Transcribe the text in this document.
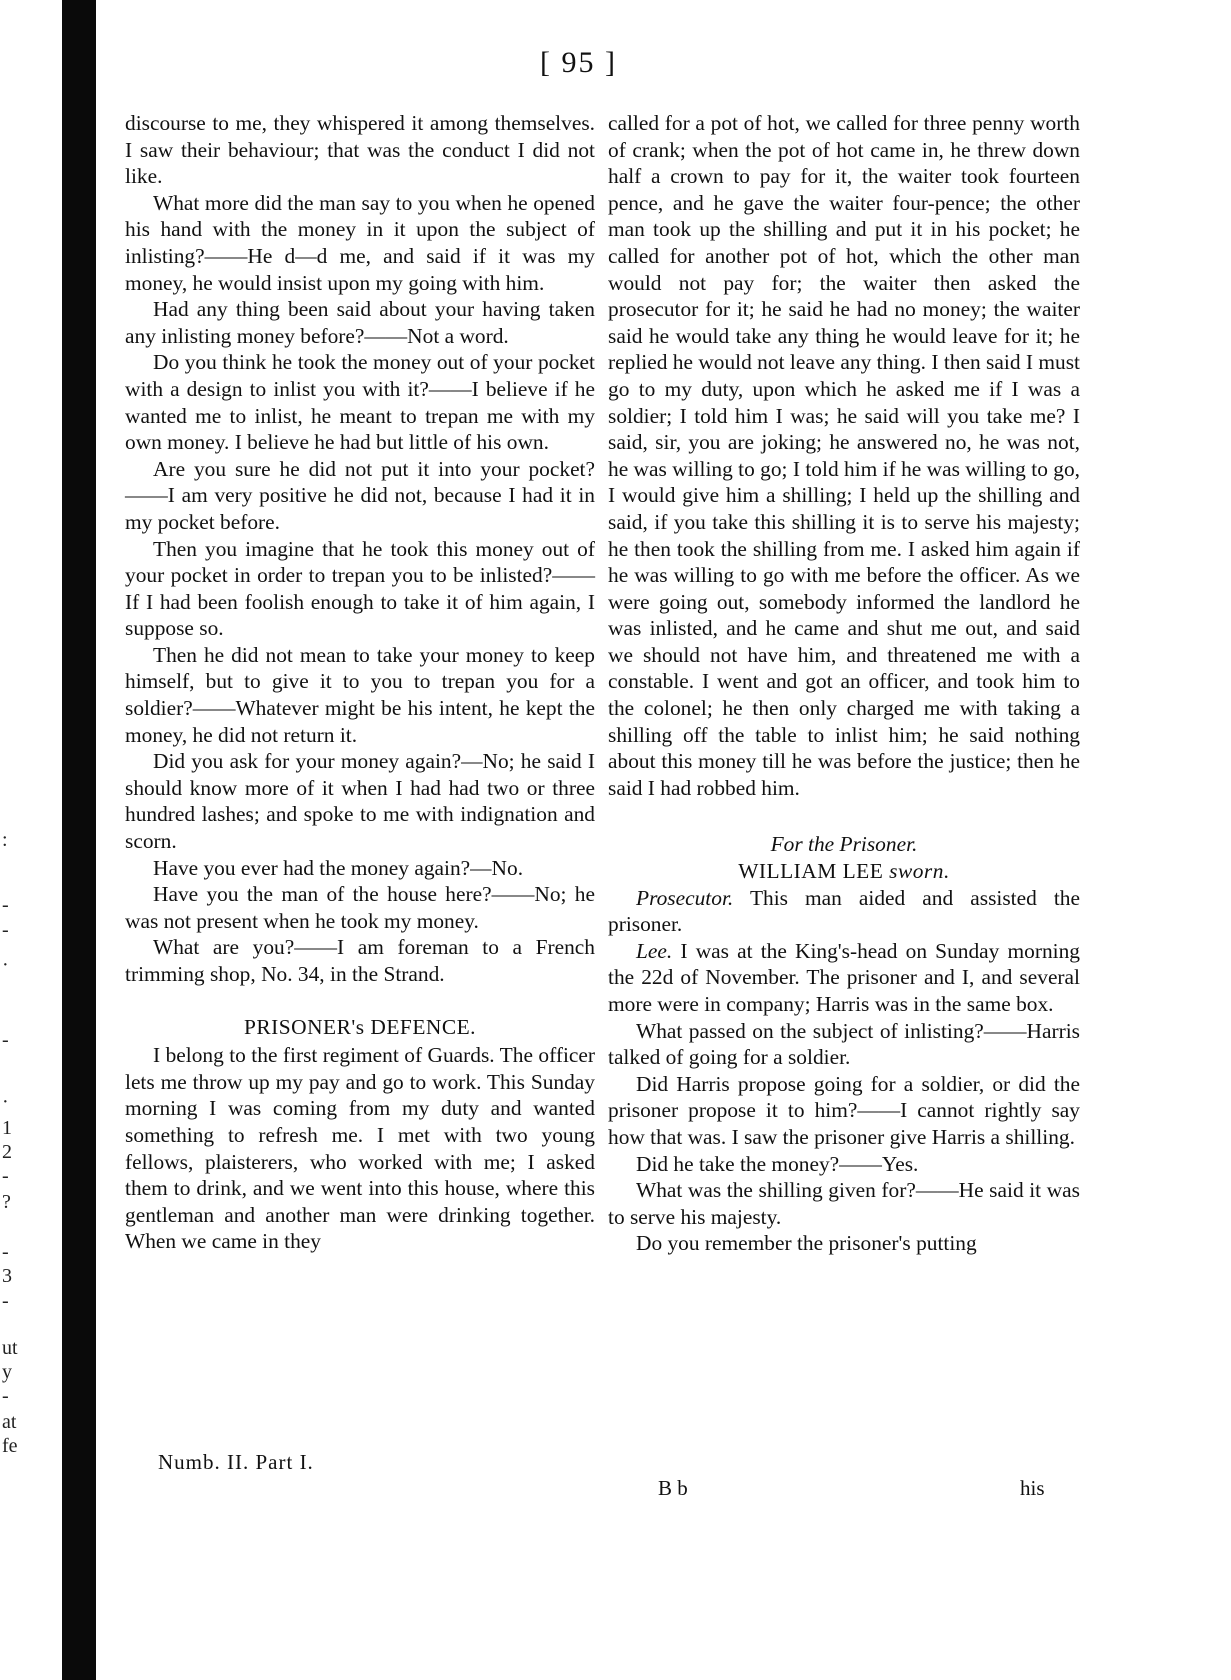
:
-
-
·
-
·
1
2
-
?
-
3
-
ut
y
-
at
fe
[ 95 ]

discourse to me, they whispered it among themselves. I saw their behaviour; that was the conduct I did not like.

What more did the man say to you when he opened his hand with the money in it upon the subject of inlisting?——He d—d me, and said if it was my money, he would insist upon my going with him.

Had any thing been said about your having taken any inlisting money before?——Not a word.

Do you think he took the money out of your pocket with a design to inlist you with it?——I believe if he wanted me to inlist, he meant to trepan me with my own money. I believe he had but little of his own.

Are you sure he did not put it into your pocket?——I am very positive he did not, because I had it in my pocket before.

Then you imagine that he took this money out of your pocket in order to trepan you to be inlisted?——If I had been foolish enough to take it of him again, I suppose so.

Then he did not mean to take your money to keep himself, but to give it to you to trepan you for a soldier?——Whatever might be his intent, he kept the money, he did not return it.

Did you ask for your money again?—No; he said I should know more of it when I had had two or three hundred lashes; and spoke to me with indignation and scorn.

Have you ever had the money again?—No.

Have you the man of the house here?——No; he was not present when he took my money.

What are you?——I am foreman to a French trimming shop, No. 34, in the Strand.

PRISONER's DEFENCE.

I belong to the first regiment of Guards. The officer lets me throw up my pay and go to work. This Sunday morning I was coming from my duty and wanted something to refresh me. I met with two young fellows, plaisterers, who worked with me; I asked them to drink, and we went into this house, where this gentleman and another man were drinking together. When we came in they

called for a pot of hot, we called for three penny worth of crank; when the pot of hot came in, he threw down half a crown to pay for it, the waiter took fourteen pence, and he gave the waiter four-pence; the other man took up the shilling and put it in his pocket; he called for another pot of hot, which the other man would not pay for; the waiter then asked the prosecutor for it; he said he had no money; the waiter said he would take any thing he would leave for it; he replied he would not leave any thing. I then said I must go to my duty, upon which he asked me if I was a soldier; I told him I was; he said will you take me? I said, sir, you are joking; he answered no, he was not, he was willing to go; I told him if he was willing to go, I would give him a shilling; I held up the shilling and said, if you take this shilling it is to serve his majesty; he then took the shilling from me. I asked him again if he was willing to go with me before the officer. As we were going out, somebody informed the landlord he was inlisted, and he came and shut me out, and said we should not have him, and threatened me with a constable. I went and got an officer, and took him to the colonel; he then only charged me with taking a shilling off the table to inlist him; he said nothing about this money till he was before the justice; then he said I had robbed him.

For the Prisoner.
WILLIAM LEE sworn.

Prosecutor. This man aided and assisted the prisoner.

Lee. I was at the King's-head on Sunday morning the 22d of November. The prisoner and I, and several more were in company; Harris was in the same box.

What passed on the subject of inlisting?——Harris talked of going for a soldier.

Did Harris propose going for a soldier, or did the prisoner propose it to him?——I cannot rightly say how that was. I saw the prisoner give Harris a shilling.

Did he take the money?——Yes.

What was the shilling given for?——He said it was to serve his majesty.

Do you remember the prisoner's putting

Numb. II. Part I.
B b	his
